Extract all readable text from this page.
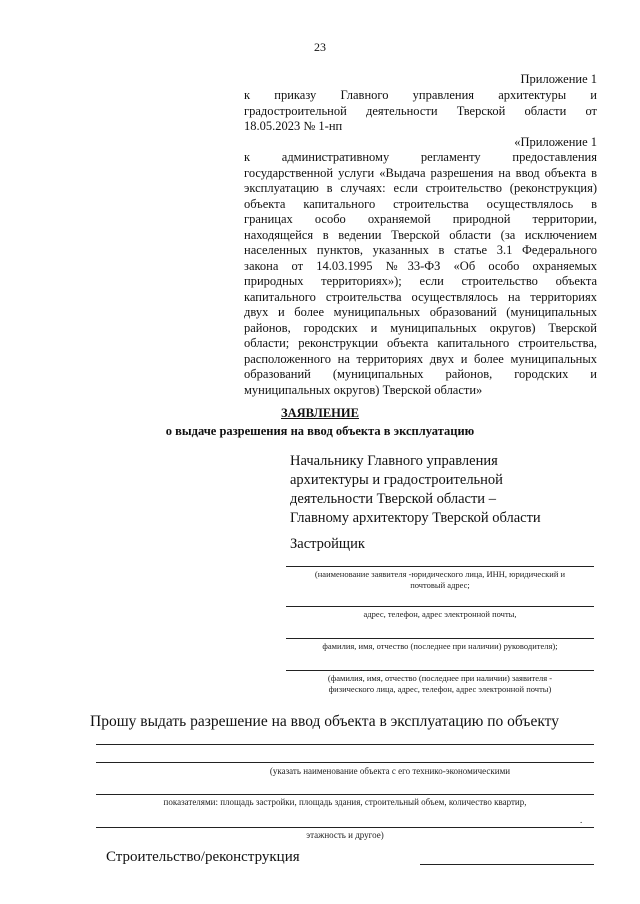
23
Приложение 1

к приказу Главного управления архитектуры и

градостроительной деятельности Тверской области от

18.05.2023 № 1-нп

«Приложение 1

к административному регламенту предоставления

государственной услуги «Выдача разрешения на ввод объекта в

эксплуатацию в случаях: если строительство (реконструкция)

объекта капитального строительства осуществлялось в

границах особо охраняемой природной территории,

находящейся в ведении Тверской области (за исключением

населенных пунктов, указанных в статье 3.1 Федерального

закона от 14.03.1995 №33-ФЗ «Об особо охраняемых

природных территориях»); если строительство объекта

капитального строительства осуществлялось на территориях

двух и более муниципальных образований (муниципальных

районов, городских и муниципальных округов) Тверской

области; реконструкции объекта капитального строительства,

расположенного на территориях двух и более муниципальных

образований (муниципальных районов, городских и

муниципальных округов) Тверской области»

ЗАЯВЛЕНИЕ
о выдаче разрешения на ввод объекта в эксплуатацию
Начальнику Главного управления
архитектуры и градостроительной
деятельности Тверской области –
Главному архитектору Тверской области
Застройщик
(наименование заявителя -юридического лица, ИНН, юридический и
почтовый адрес;
адрес, телефон, адрес электронной почты,
фамилия, имя, отчество (последнее при наличии) руководителя);
(фамилия, имя, отчество (последнее при наличии) заявителя -
физического лица, адрес, телефон, адрес электронной почты)
Прошу выдать разрешение на ввод объекта в эксплуатацию по объекту
(указать наименование объекта с его технико-экономическими
показателями: площадь застройки, площадь здания, строительный объем, количество квартир,
.
этажность и другое)
Строительство/реконструкция
